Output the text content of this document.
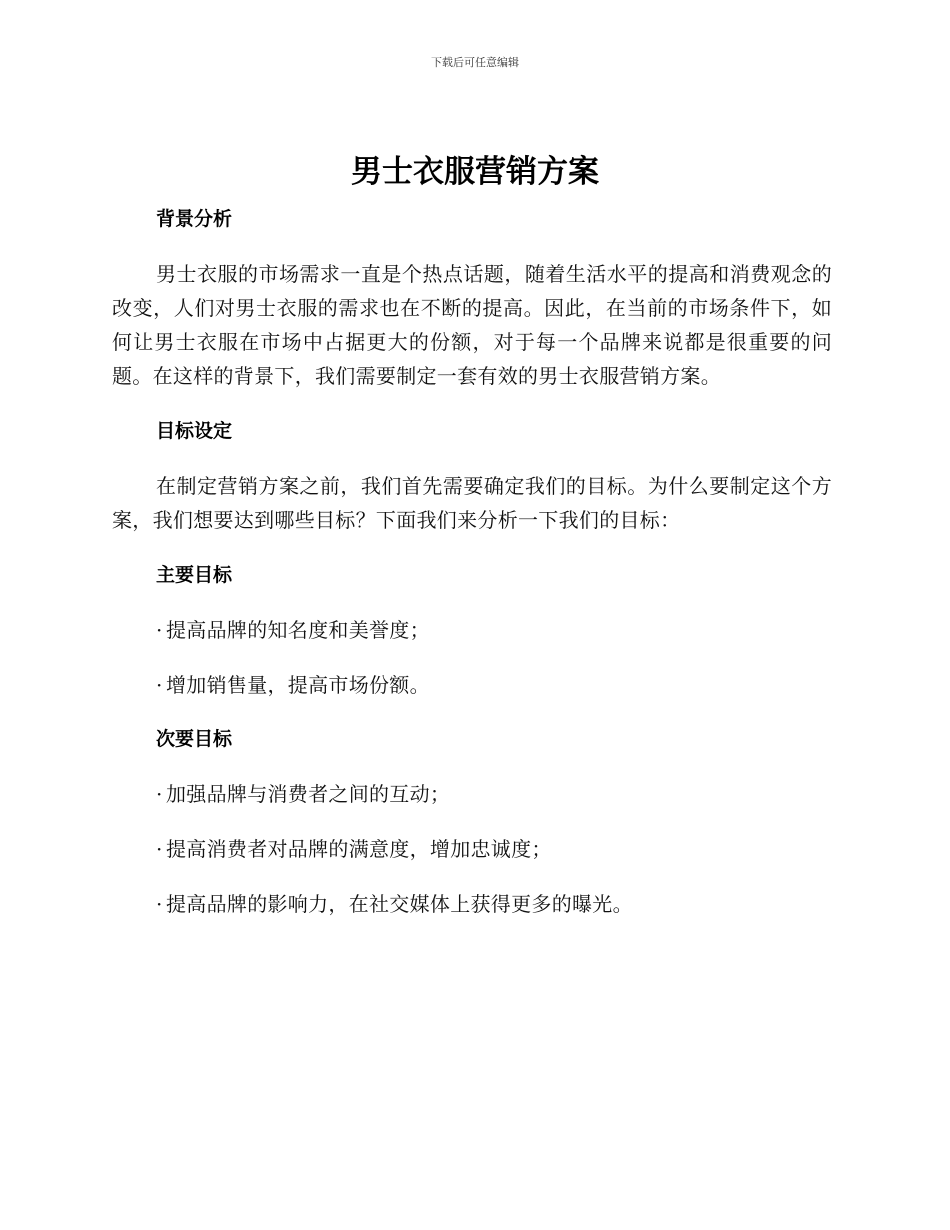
下载后可任意编辑
男士衣服营销方案
背景分析

男士衣服的市场需求一直是个热点话题，随着生活水平的提高和消费观念的改变，人们对男士衣服的需求也在不断的提高。因此，在当前的市场条件下，如何让男士衣服在市场中占据更大的份额，对于每一个品牌来说都是很重要的问题。在这样的背景下，我们需要制定一套有效的男士衣服营销方案。

目标设定

在制定营销方案之前，我们首先需要确定我们的目标。为什么要制定这个方案，我们想要达到哪些目标？下面我们来分析一下我们的目标：

主要目标
· 提高品牌的知名度和美誉度；
· 增加销售量，提高市场份额。
次要目标
· 加强品牌与消费者之间的互动；
· 提高消费者对品牌的满意度，增加忠诚度；
· 提高品牌的影响力，在社交媒体上获得更多的曝光。
